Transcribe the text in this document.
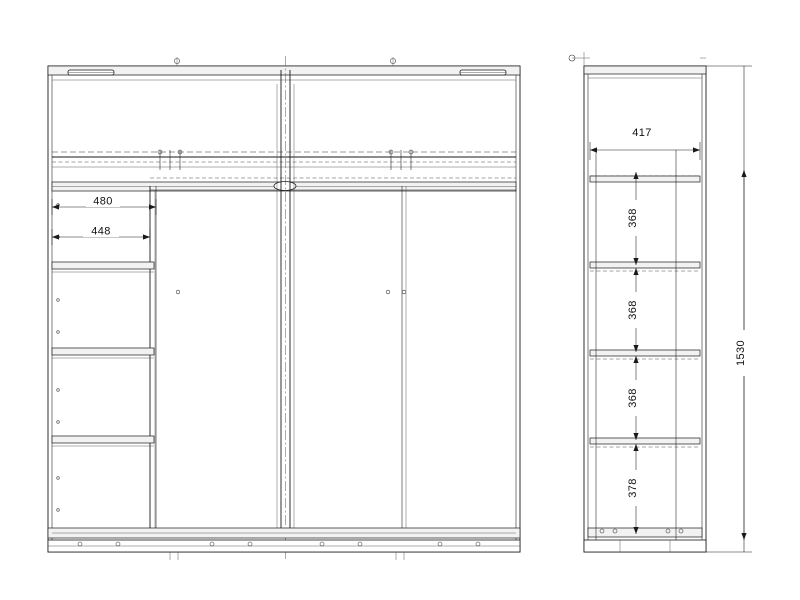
480
448
417
368
368
368
378
1530
